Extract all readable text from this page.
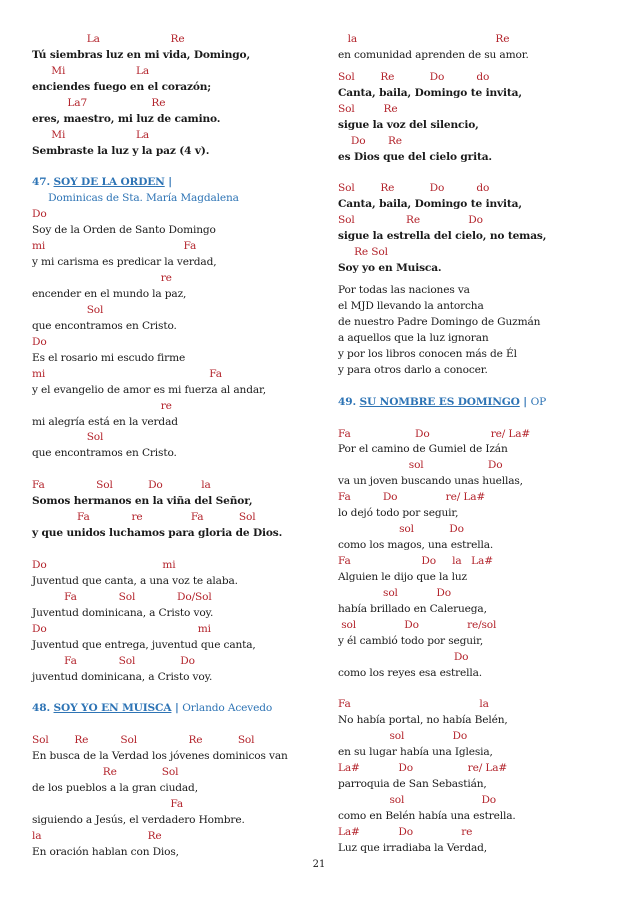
La                      Re
Tú siembras luz en mi vida, Domingo,
Mi                      La
enciendes fuego en el corazón;
La7                    Re
eres, maestro, mi luz de camino.
Mi                      La
Sembraste la luz y la paz (4 v).
47. SOY DE LA ORDEN |
Dominicas de Sta. María Magdalena
Do
Soy de la Orden de Santo Domingo
mi                                           Fa
y mi carisma es predicar la verdad,
re
encender en el mundo la paz,
Sol
que encontramos en Cristo.
Do
Es el rosario mi escudo firme
mi                                                   Fa
y el evangelio de amor es mi fuerza al andar,
re
mi alegría está en la verdad
Sol
que encontramos en Cristo.
Fa                Sol           Do            la
Somos hermanos en la viña del Señor,
Fa             re               Fa           Sol
y que unidos luchamos para gloria de Dios.
Do                                    mi
Juventud que canta, a una voz te alaba.
Fa             Sol             Do/Sol
Juventud dominicana, a Cristo voy.
Do                                               mi
Juventud que entrega, juventud que canta,
Fa             Sol              Do
juventud dominicana, a Cristo voy.
48. SOY YO EN MUISCA | Orlando Acevedo
Sol        Re          Sol                Re           Sol
En busca de la Verdad los jóvenes dominicos van
Re              Sol
de los pueblos a la gran ciudad,
Fa
siguiendo a Jesús, el verdadero Hombre.
la                                 Re
En oración hablan con Dios,
la                                           Re
en comunidad aprenden de su amor.
Sol        Re           Do          do
Canta, baila, Domingo te invita,
Sol         Re
sigue la voz del silencio,
Do       Re
es Dios que del cielo grita.
Sol        Re           Do          do
Canta, baila, Domingo te invita,
Sol                Re               Do
sigue la estrella del cielo, no temas,
Re Sol
Soy yo en Muisca.
Por todas las naciones va
el MJD llevando la antorcha
de nuestro Padre Domingo de Guzmán
a aquellos que la luz ignoran
y por los libros conocen más de Él
y para otros darlo a conocer.
49. SU NOMBRE ES DOMINGO | OP
Fa                    Do                   re/ La#
Por el camino de Gumiel de Izán
sol                    Do
va un joven buscando unas huellas,
Fa          Do               re/ La#
lo dejó todo por seguir,
sol           Do
como los magos, una estrella.
Fa                      Do     la   La#
Alguien le dijo que la luz
sol            Do
había brillado en Caleruega,
sol               Do               re/sol
y él cambió todo por seguir,
Do
como los reyes esa estrella.
Fa                                        la
No había portal, no había Belén,
sol               Do
en su lugar había una Iglesia,
La#            Do                 re/ La#
parroquia de San Sebastián,
sol                        Do
como en Belén había una estrella.
La#            Do               re
Luz que irradiaba la Verdad,
21
